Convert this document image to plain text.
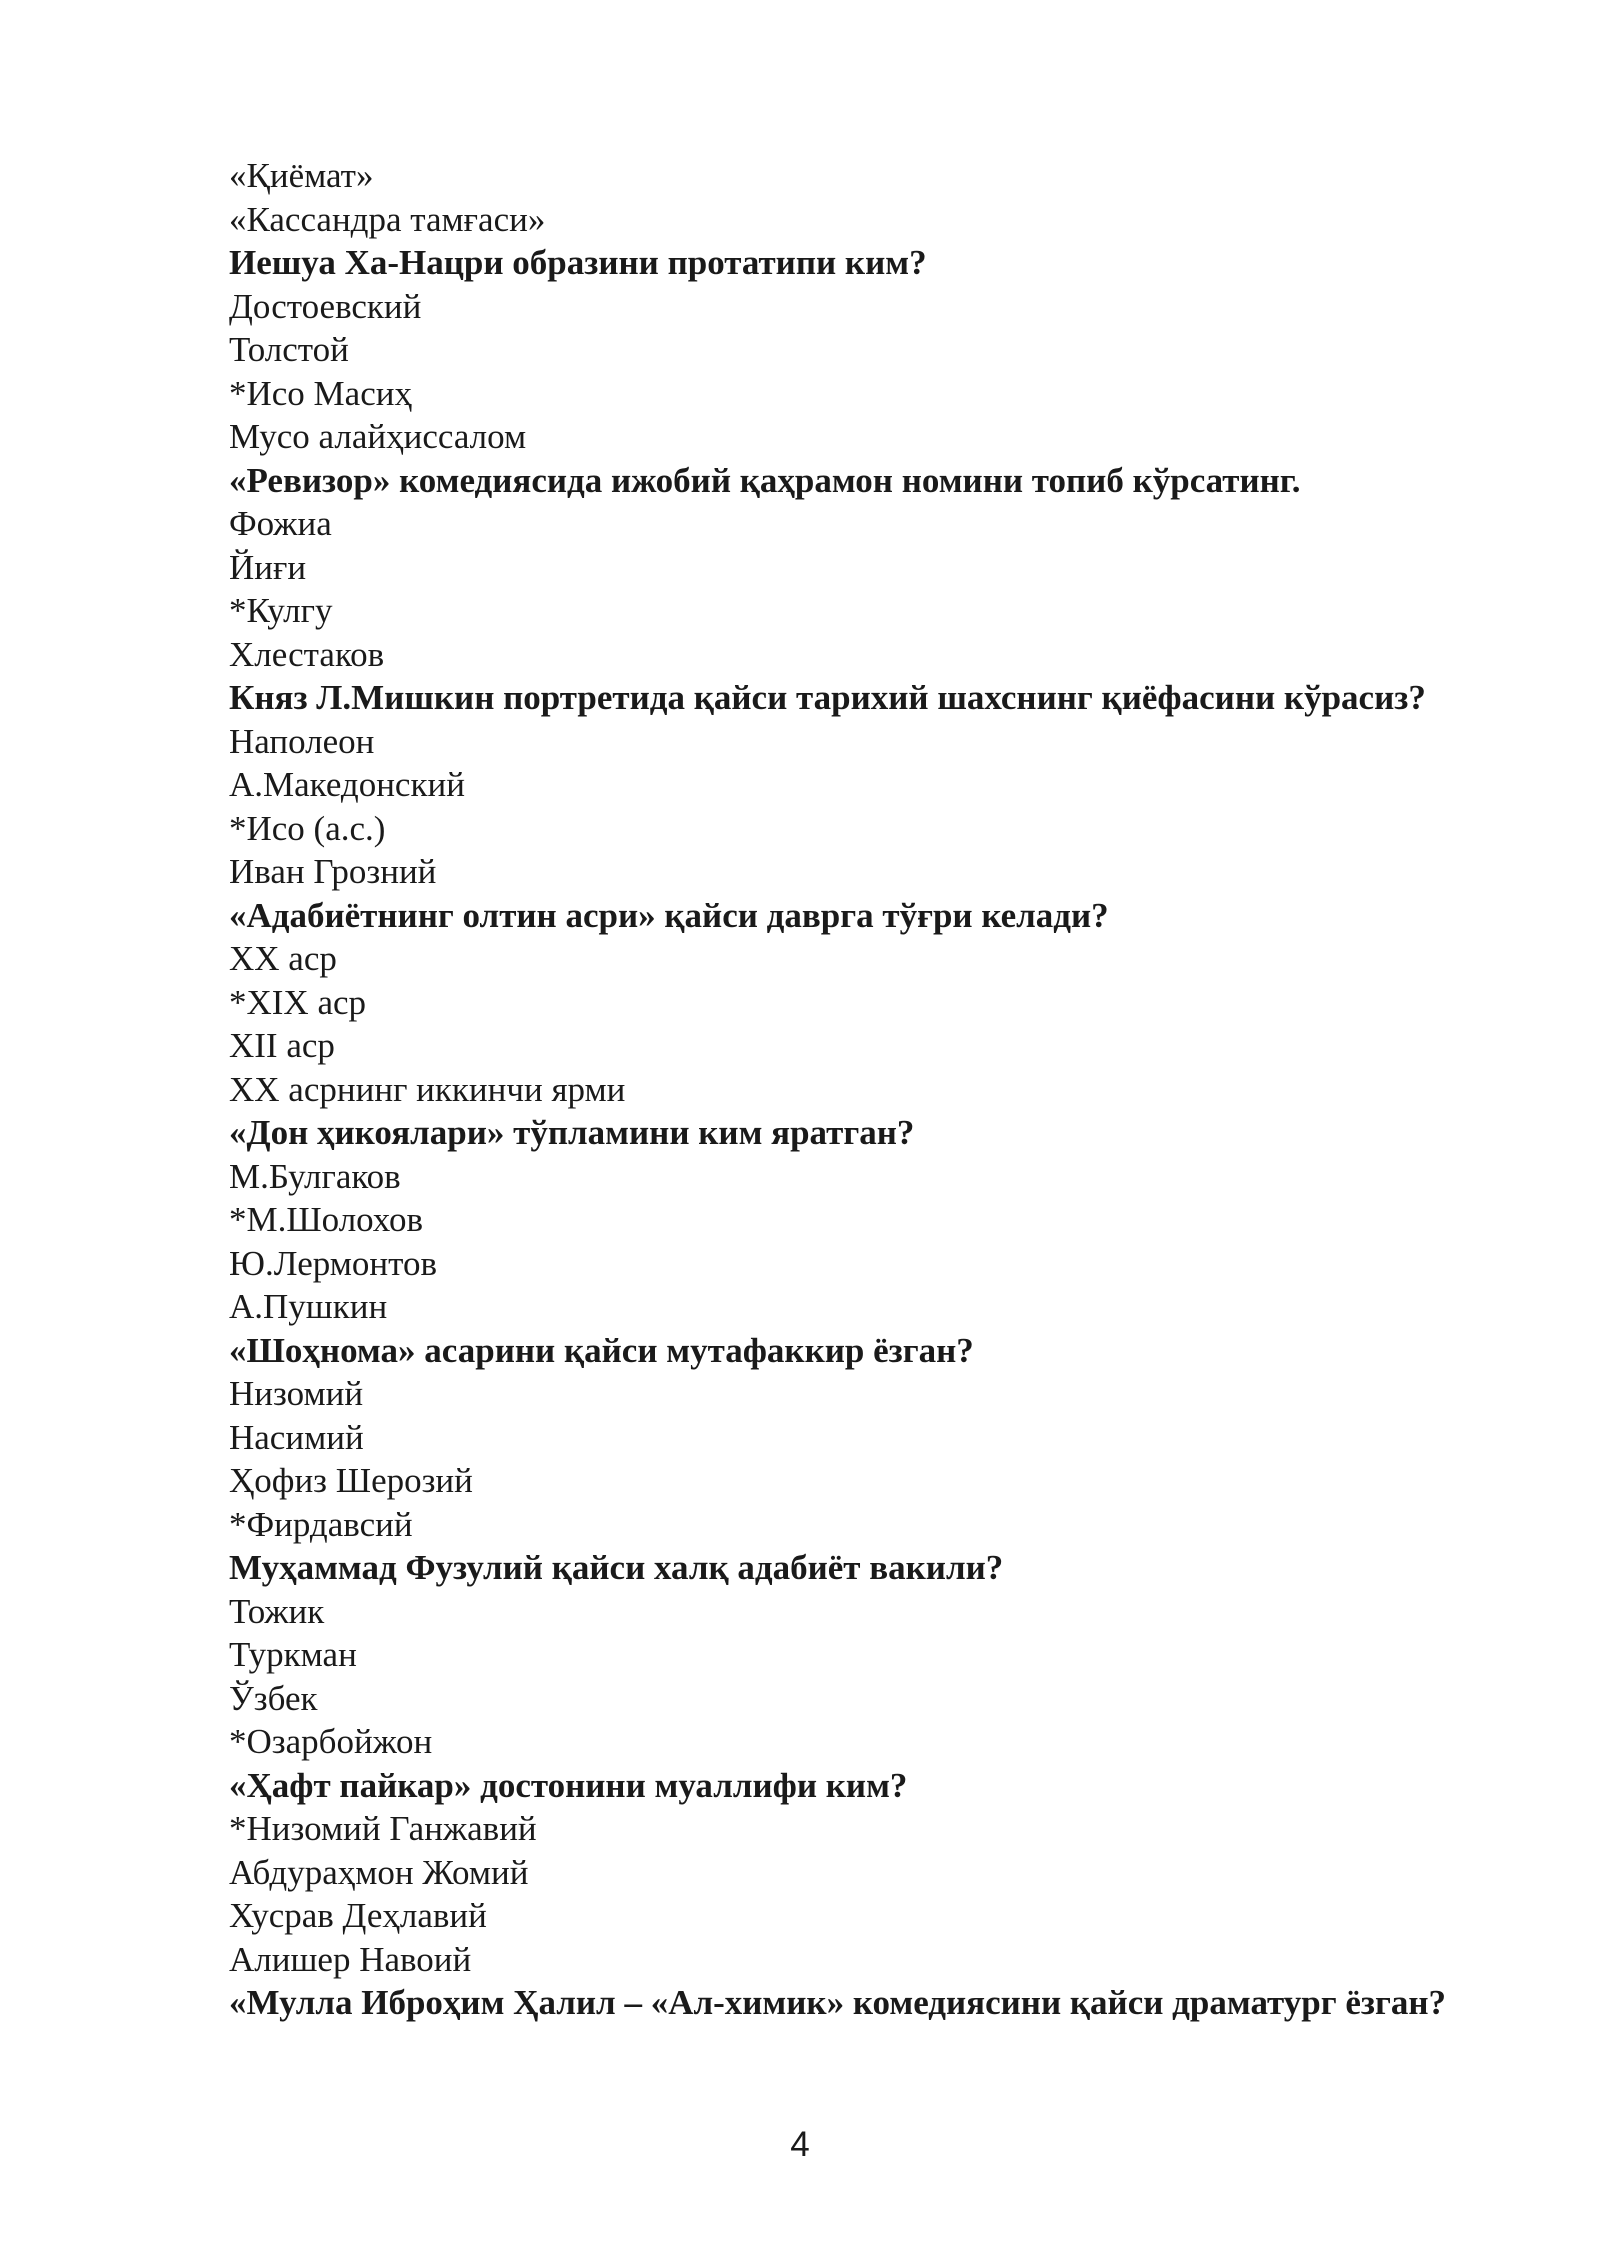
«Қиёмат»
«Кассандра тамғаси»
Иешуа Ха-Нацри образини протатипи ким?
Достоевский
Толстой
*Исо Масиҳ
Мусо алайҳиссалом
«Ревизор» комедиясида ижобий қаҳрамон номини топиб кўрсатинг.
Фожиа
Йиғи
*Кулгу
Хлестаков
Княз Л.Мишкин портретида қайси тарихий шахснинг қиёфасини кўрасиз?
Наполеон
А.Македонский
*Исо (а.с.)
Иван Грозний
«Адабиётнинг олтин асри» қайси даврга тўғри келади?
XX аср
*XIX аср
XII аср
XX асрнинг иккинчи ярми
«Дон ҳикоялари» тўпламини ким яратган?
М.Булгаков
*М.Шолохов
Ю.Лермонтов
А.Пушкин
«Шоҳнома» асарини қайси мутафаккир ёзган?
Низомий
Насимий
Ҳофиз Шерозий
*Фирдавсий
Муҳаммад Фузулий қайси халқ адабиёт вакили?
Тожик
Туркман
Ўзбек
*Озарбойжон
«Ҳафт пайкар» достонини муаллифи ким?
*Низомий Ганжавий
Абдураҳмон Жомий
Хусрав Деҳлавий
Алишер Навоий
«Мулла Иброҳим Ҳалил – «Ал-химик» комедиясини қайси драматург ёзган?
4
